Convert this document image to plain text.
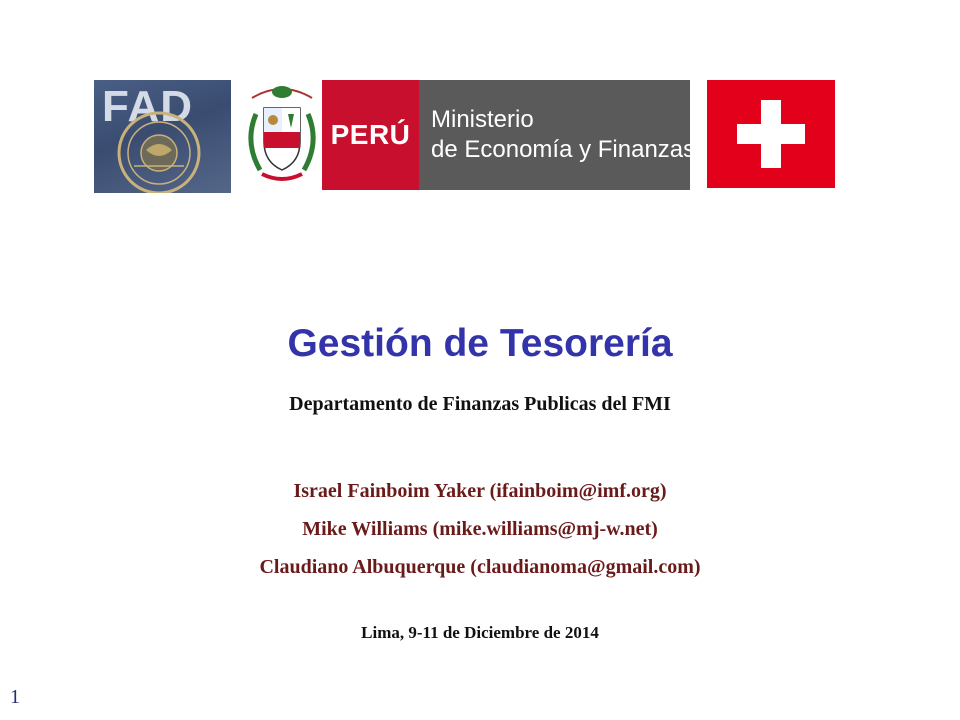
FAD
PERÚ Ministerio
de Economía y Finanzas
Gestión de Tesorería

Departamento de Finanzas Publicas del FMI

Israel Fainboim Yaker (ifainboim@imf.org)
Mike Williams (mike.williams@mj-w.net)
Claudiano Albuquerque (claudianoma@gmail.com)
Lima, 9-11 de Diciembre de 2014
1
